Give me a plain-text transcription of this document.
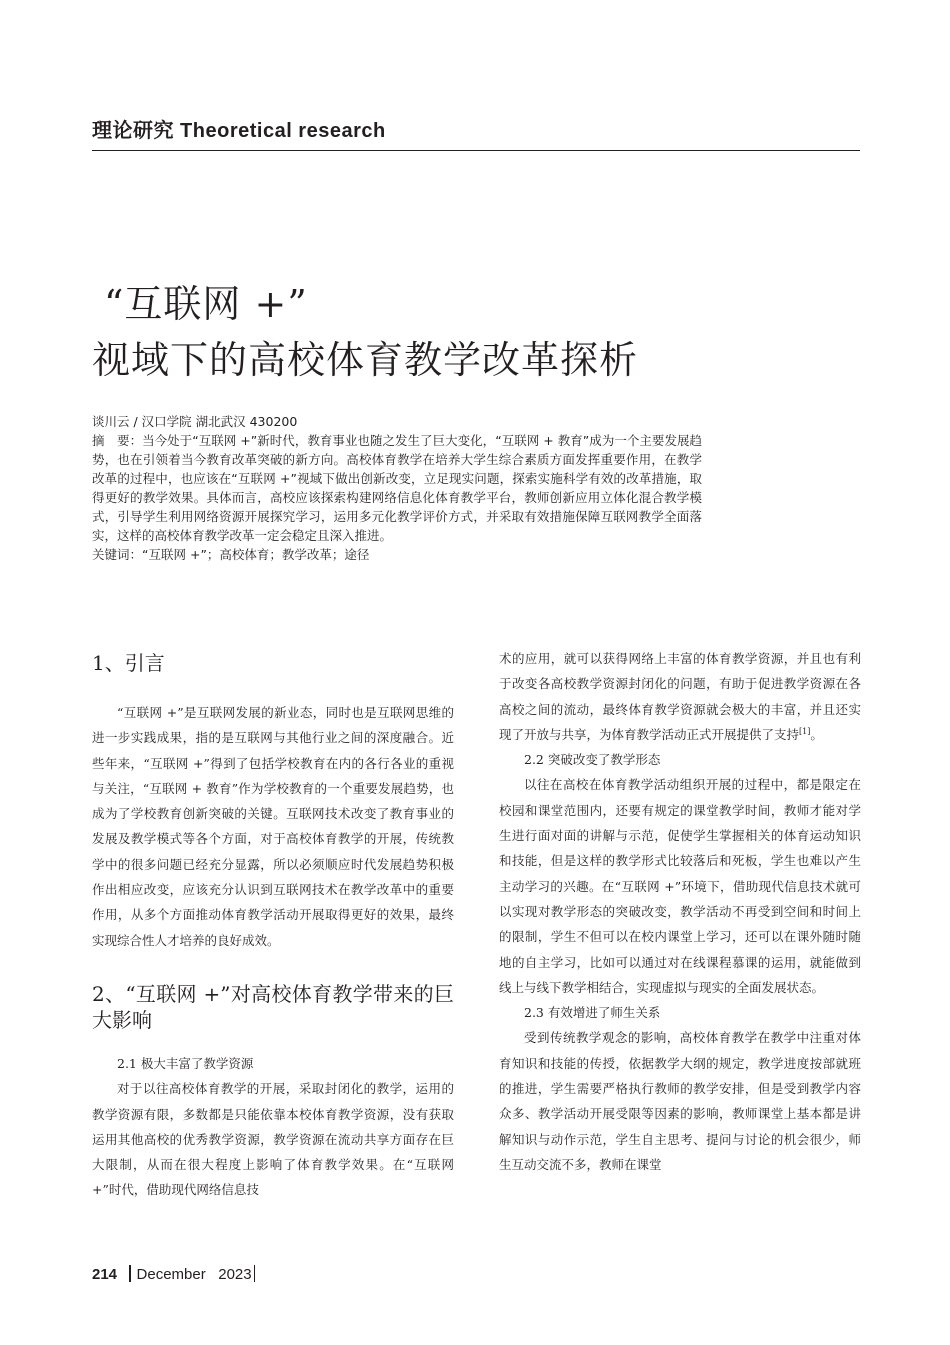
理论研究 Theoretical research
“互联网 +”
视域下的高校体育教学改革探析

谈川云 / 汉口学院 湖北武汉 430200

摘　要：当今处于“互联网 +”新时代，教育事业也随之发生了巨大变化，“互联网 + 教育”成为一个主要发展趋势，也在引领着当今教育改革突破的新方向。高校体育教学在培养大学生综合素质方面发挥重要作用，在教学改革的过程中，也应该在“互联网 +”视域下做出创新改变，立足现实问题，探索实施科学有效的改革措施，取得更好的教学效果。具体而言，高校应该探索构建网络信息化体育教学平台，教师创新应用立体化混合教学模式，引导学生利用网络资源开展探究学习，运用多元化教学评价方式，并采取有效措施保障互联网教学全面落实，这样的高校体育教学改革一定会稳定且深入推进。

关键词：“互联网 +”；高校体育；教学改革；途径

1、引言

“互联网 +”是互联网发展的新业态，同时也是互联网思维的进一步实践成果，指的是互联网与其他行业之间的深度融合。近些年来，“互联网 +”得到了包括学校教育在内的各行各业的重视与关注，“互联网 + 教育”作为学校教育的一个重要发展趋势，也成为了学校教育创新突破的关键。互联网技术改变了教育事业的发展及教学模式等各个方面，对于高校体育教学的开展，传统教学中的很多问题已经充分显露，所以必须顺应时代发展趋势积极作出相应改变，应该充分认识到互联网技术在教学改革中的重要作用，从多个方面推动体育教学活动开展取得更好的效果，最终实现综合性人才培养的良好成效。

2、“互联网 +”对高校体育教学带来的巨大影响

2.1 极大丰富了教学资源

对于以往高校体育教学的开展，采取封闭化的教学，运用的教学资源有限，多数都是只能依靠本校体育教学资源，没有获取运用其他高校的优秀教学资源，教学资源在流动共享方面存在巨大限制，从而在很大程度上影响了体育教学效果。在“互联网 +”时代，借助现代网络信息技

术的应用，就可以获得网络上丰富的体育教学资源，并且也有利于改变各高校教学资源封闭化的问题，有助于促进教学资源在各高校之间的流动，最终体育教学资源就会极大的丰富，并且还实现了开放与共享，为体育教学活动正式开展提供了支持[1]。

2.2 突破改变了教学形态

以往在高校在体育教学活动组织开展的过程中，都是限定在校园和课堂范围内，还要有规定的课堂教学时间，教师才能对学生进行面对面的讲解与示范，促使学生掌握相关的体育运动知识和技能，但是这样的教学形式比较落后和死板，学生也难以产生主动学习的兴趣。在“互联网 +”环境下，借助现代信息技术就可以实现对教学形态的突破改变，教学活动不再受到空间和时间上的限制，学生不但可以在校内课堂上学习，还可以在课外随时随地的自主学习，比如可以通过对在线课程慕课的运用，就能做到线上与线下教学相结合，实现虚拟与现实的全面发展状态。

2.3 有效增进了师生关系

受到传统教学观念的影响，高校体育教学在教学中注重对体育知识和技能的传授，依据教学大纲的规定，教学进度按部就班的推进，学生需要严格执行教师的教学安排，但是受到教学内容众多、教学活动开展受限等因素的影响，教师课堂上基本都是讲解知识与动作示范，学生自主思考、提问与讨论的机会很少，师生互动交流不多，教师在课堂

214 December 2023
